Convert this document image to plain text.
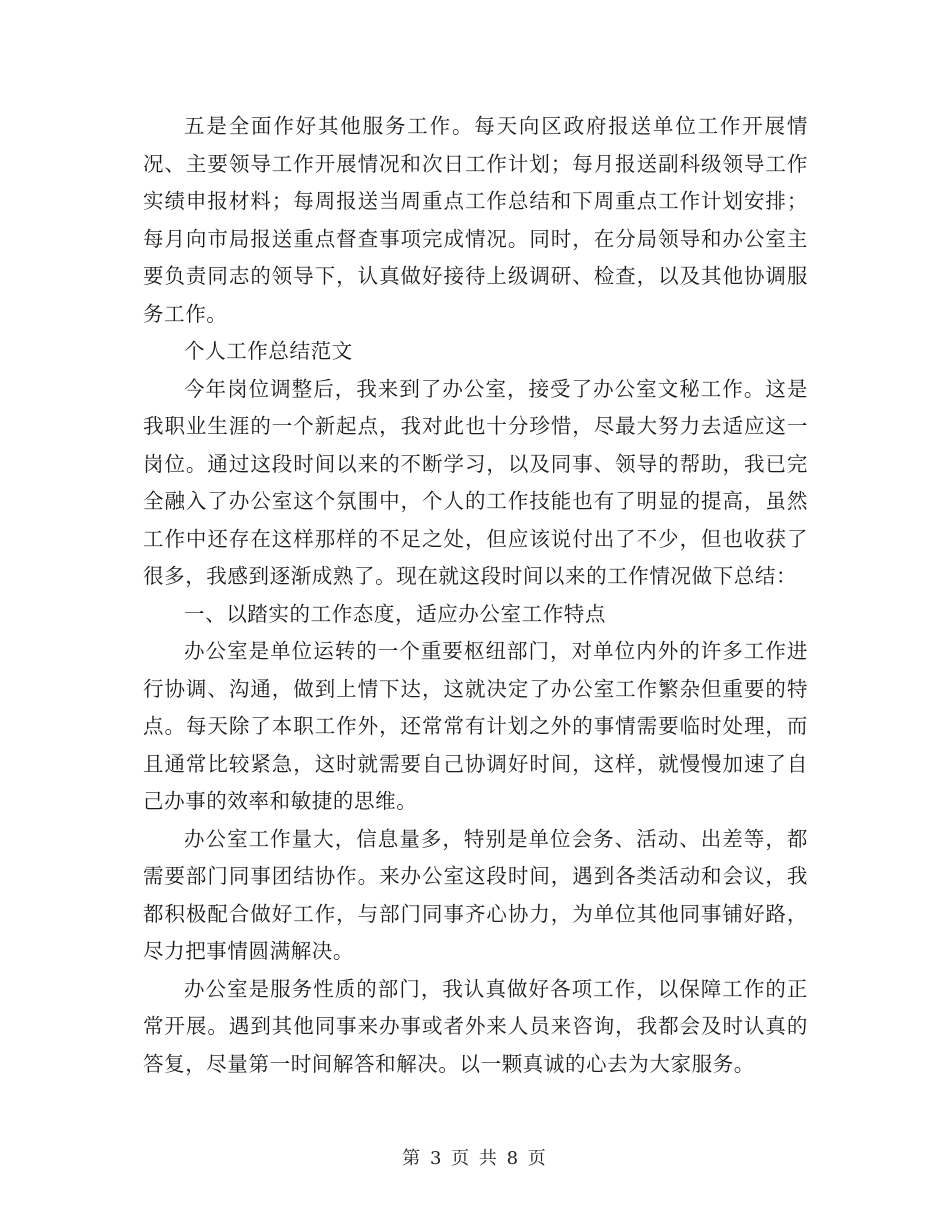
五是全面作好其他服务工作。每天向区政府报送单位工作开展情况、主要领导工作开展情况和次日工作计划；每月报送副科级领导工作实绩申报材料；每周报送当周重点工作总结和下周重点工作计划安排；每月向市局报送重点督查事项完成情况。同时，在分局领导和办公室主要负责同志的领导下，认真做好接待上级调研、检查，以及其他协调服务工作。

个人工作总结范文

今年岗位调整后，我来到了办公室，接受了办公室文秘工作。这是我职业生涯的一个新起点，我对此也十分珍惜，尽最大努力去适应这一岗位。通过这段时间以来的不断学习，以及同事、领导的帮助，我已完全融入了办公室这个氛围中，个人的工作技能也有了明显的提高，虽然工作中还存在这样那样的不足之处，但应该说付出了不少，但也收获了很多，我感到逐渐成熟了。现在就这段时间以来的工作情况做下总结：

一、以踏实的工作态度，适应办公室工作特点

办公室是单位运转的一个重要枢纽部门，对单位内外的许多工作进行协调、沟通，做到上情下达，这就决定了办公室工作繁杂但重要的特点。每天除了本职工作外，还常常有计划之外的事情需要临时处理，而且通常比较紧急，这时就需要自己协调好时间，这样，就慢慢加速了自己办事的效率和敏捷的思维。

办公室工作量大，信息量多，特别是单位会务、活动、出差等，都需要部门同事团结协作。来办公室这段时间，遇到各类活动和会议，我都积极配合做好工作，与部门同事齐心协力，为单位其他同事铺好路，尽力把事情圆满解决。

办公室是服务性质的部门，我认真做好各项工作，以保障工作的正常开展。遇到其他同事来办事或者外来人员来咨询，我都会及时认真的答复，尽量第一时间解答和解决。以一颗真诚的心去为大家服务。

第 3 页 共 8 页
